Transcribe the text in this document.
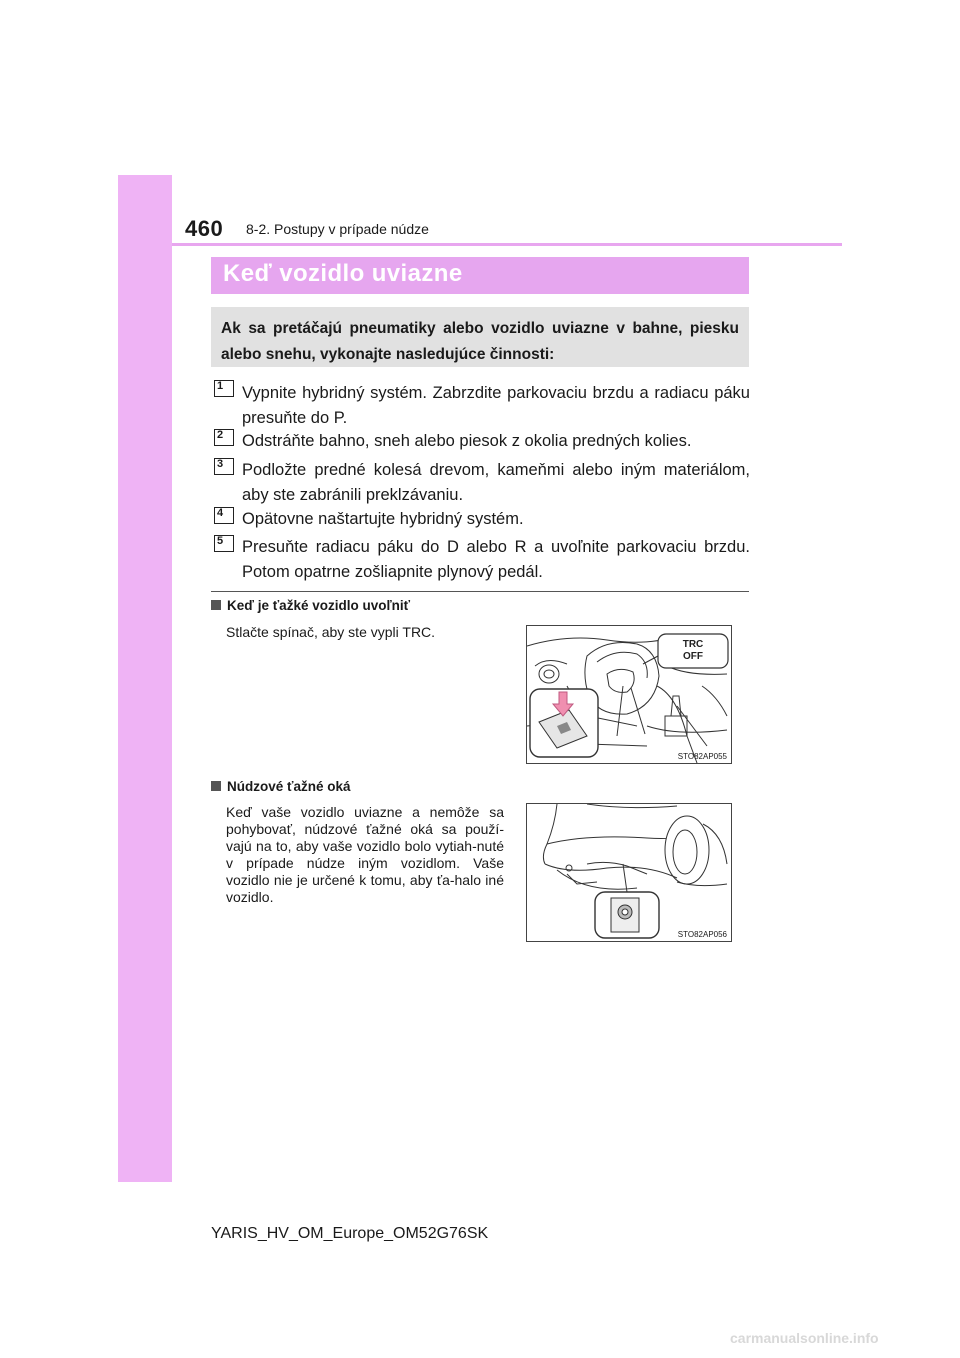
460 8-2. Postupy v prípade núdze
Keď vozidlo uviazne
Ak sa pretáčajú pneumatiky alebo vozidlo uviazne v bahne, piesku alebo snehu, vykonajte nasledujúce činnosti:
1	Vypnite hybridný systém. Zabrzdite parkovaciu brzdu a radiacu páku presuňte do P.
2	Odstráňte bahno, sneh alebo piesok z okolia predných kolies.
3	Podložte predné kolesá drevom, kameňmi alebo iným materiálom, aby ste zabránili preklzávaniu.
4	Opätovne naštartujte hybridný systém.
5	Presuňte radiacu páku do D alebo R a uvoľnite parkovaciu brzdu. Potom opatrne zošliapnite plynový pedál.
Keď je ťažké vozidlo uvoľniť
Stlačte spínač, aby ste vypli TRC.
TRC
OFF
STO82AP055
Núdzové ťažné oká
Keď vaše vozidlo uviazne a nemôže sa pohybovať, núdzové ťažné oká sa použí-vajú na to, aby vaše vozidlo bolo vytiah-nuté v prípade núdze iným vozidlom. Vaše vozidlo nie je určené k tomu, aby ťa-halo iné vozidlo.
STO82AP056
YARIS_HV_OM_Europe_OM52G76SK
carmanualsonline.info
